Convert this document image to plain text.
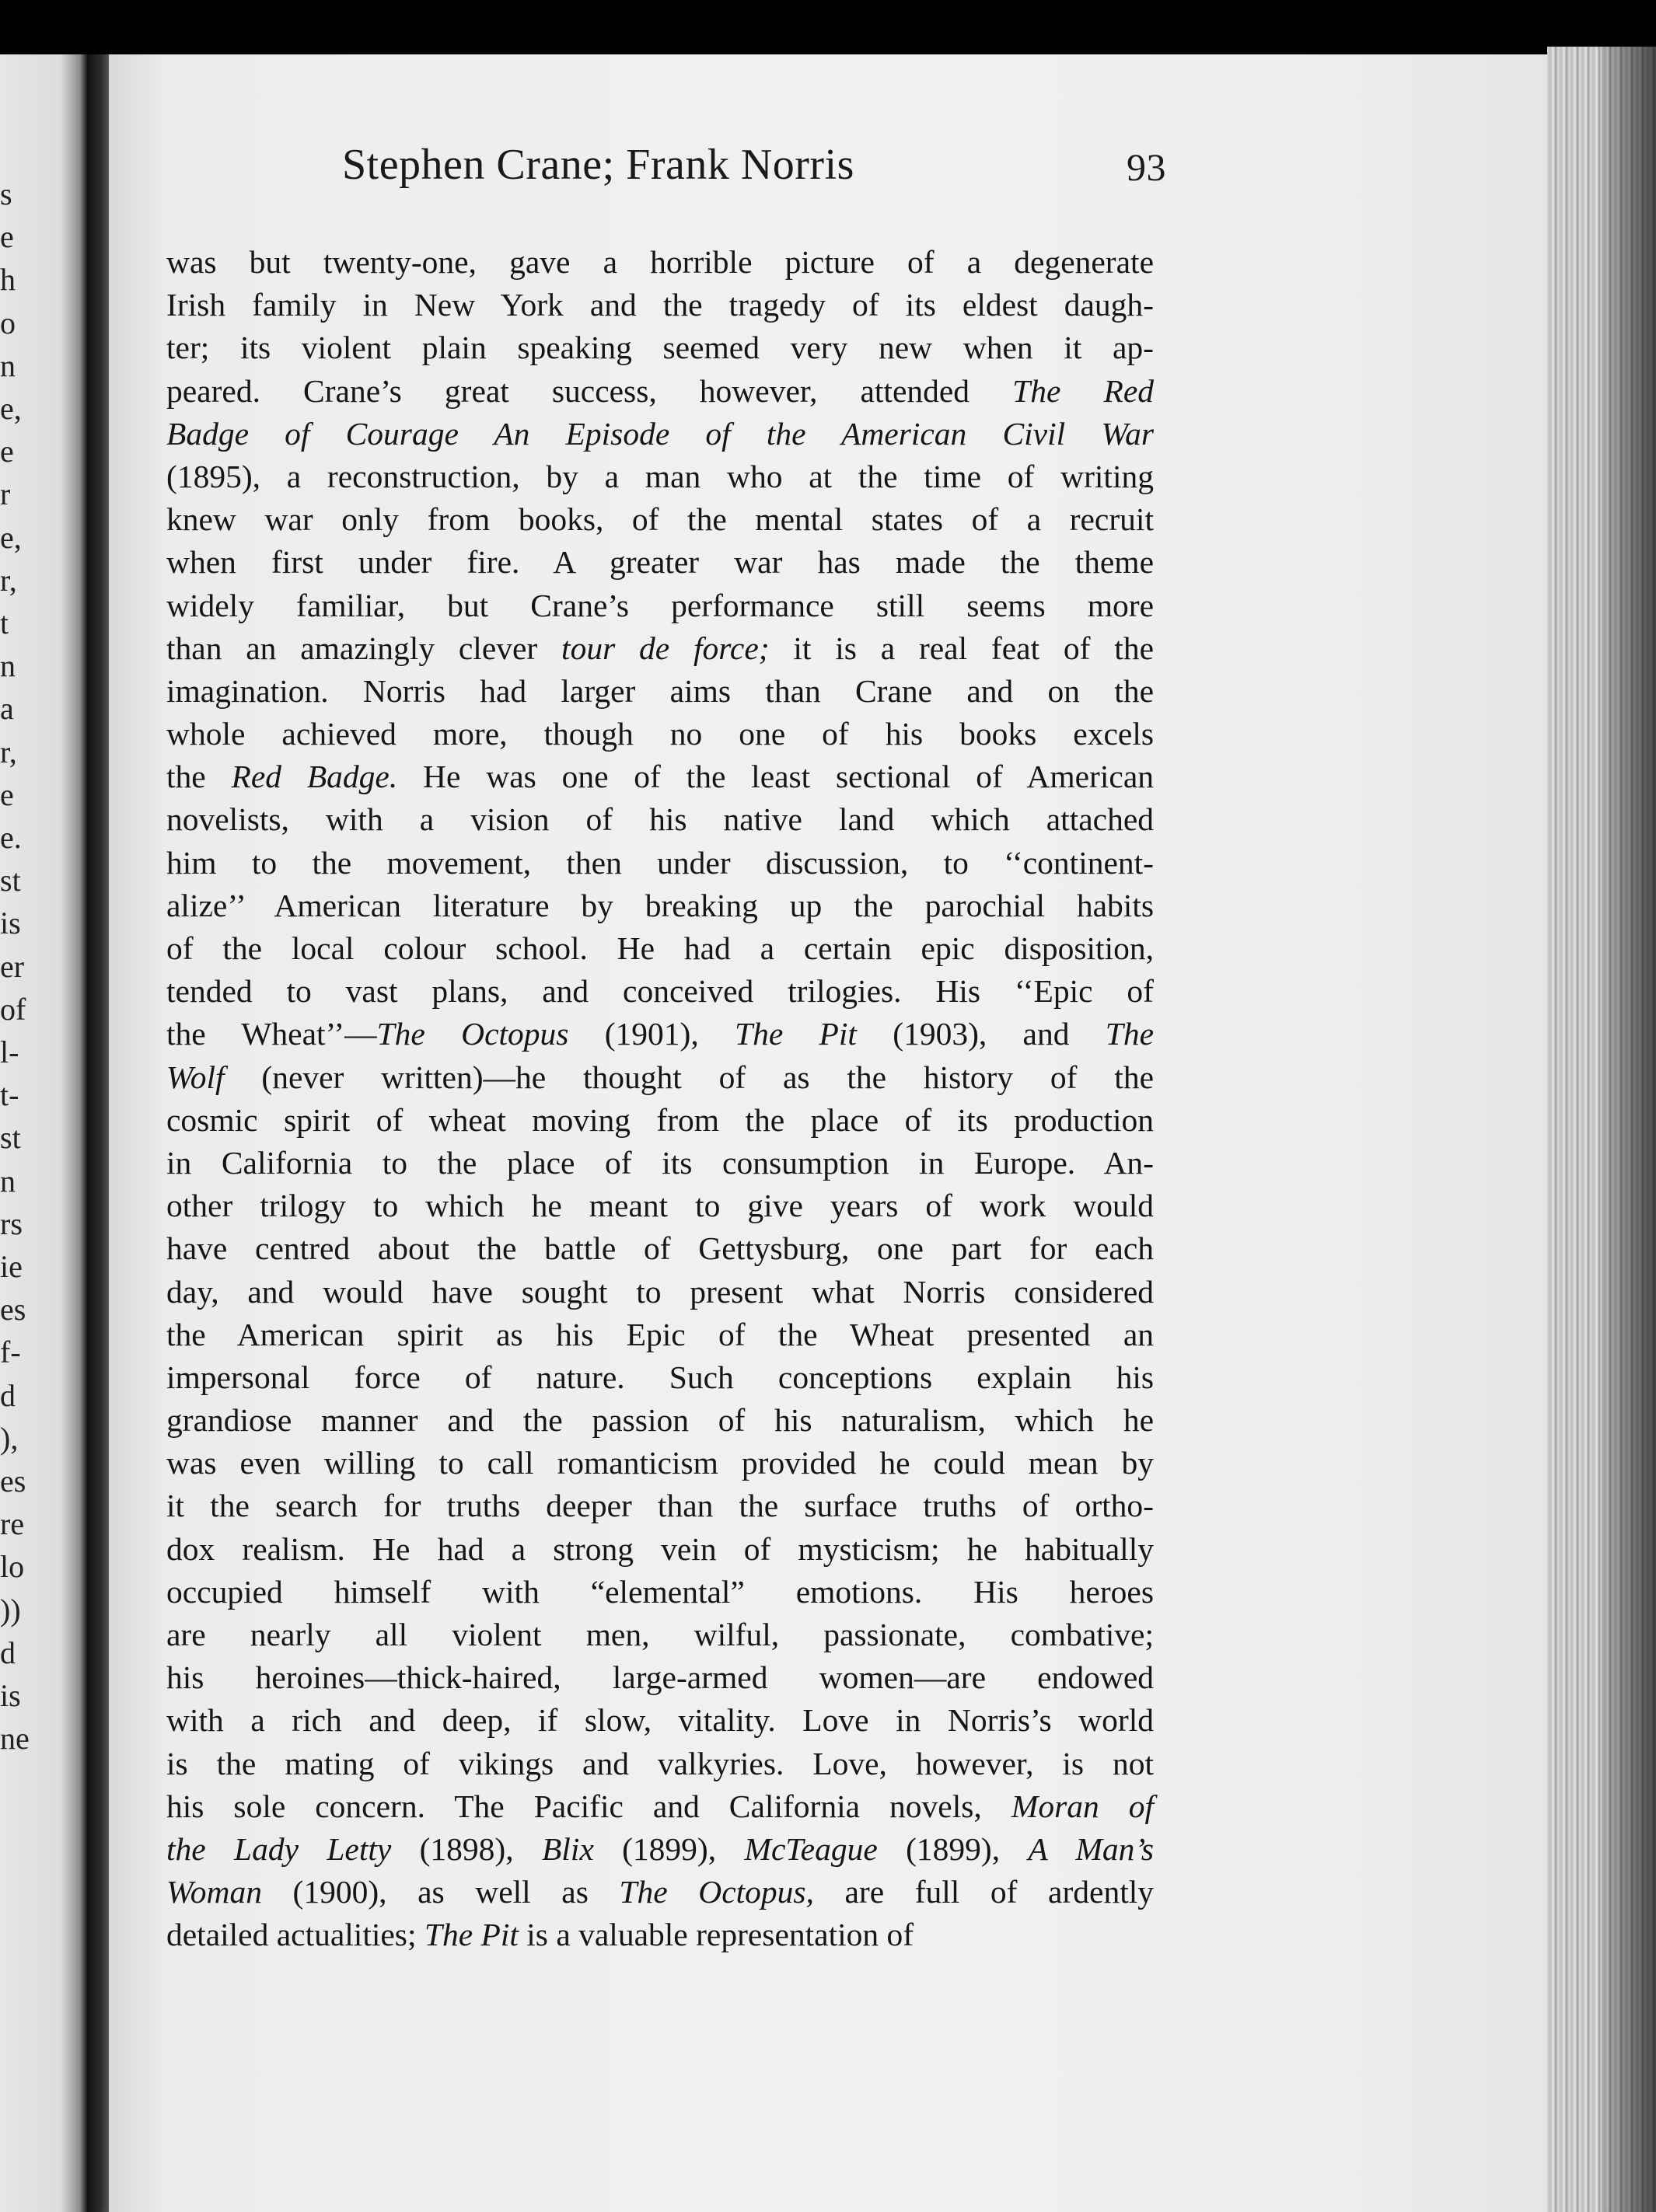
s
e
h
o
n
e,
e
r
e,
r,
t
n
a
r,
e
e.
st
is
er
of
l-
t-
st
n
rs
ie
es
f-
d
),
es
re
lo
))
d
is
ne
Stephen Crane; Frank Norris	93
was but twenty-one, gave a horrible picture of a degenerate
Irish family in New York and the tragedy of its eldest daugh-
ter; its violent plain speaking seemed very new when it ap-
peared. Crane’s great success, however, attended The Red
Badge of Courage An Episode of the American Civil War
(1895), a reconstruction, by a man who at the time of writing
knew war only from books, of the mental states of a recruit
when first under fire. A greater war has made the theme
widely familiar, but Crane’s performance still seems more
than an amazingly clever tour de force; it is a real feat of the
imagination. Norris had larger aims than Crane and on the
whole achieved more, though no one of his books excels
the Red Badge. He was one of the least sectional of American
novelists, with a vision of his native land which attached
him to the movement, then under discussion, to ‘‘continent-
alize’’ American literature by breaking up the parochial habits
of the local colour school. He had a certain epic disposition,
tended to vast plans, and conceived trilogies. His ‘‘Epic of
the Wheat’’—The Octopus (1901), The Pit (1903), and The
Wolf (never written)—he thought of as the history of the
cosmic spirit of wheat moving from the place of its production
in California to the place of its consumption in Europe. An-
other trilogy to which he meant to give years of work would
have centred about the battle of Gettysburg, one part for each
day, and would have sought to present what Norris considered
the American spirit as his Epic of the Wheat presented an
impersonal force of nature. Such conceptions explain his
grandiose manner and the passion of his naturalism, which he
was even willing to call romanticism provided he could mean by
it the search for truths deeper than the surface truths of ortho-
dox realism. He had a strong vein of mysticism; he habitually
occupied himself with “elemental” emotions. His heroes
are nearly all violent men, wilful, passionate, combative;
his heroines—thick-haired, large-armed women—are endowed
with a rich and deep, if slow, vitality. Love in Norris’s world
is the mating of vikings and valkyries. Love, however, is not
his sole concern. The Pacific and California novels, Moran of
the Lady Letty (1898), Blix (1899), McTeague (1899), A Man’s
Woman (1900), as well as The Octopus, are full of ardently
detailed actualities; The Pit is a valuable representation of
